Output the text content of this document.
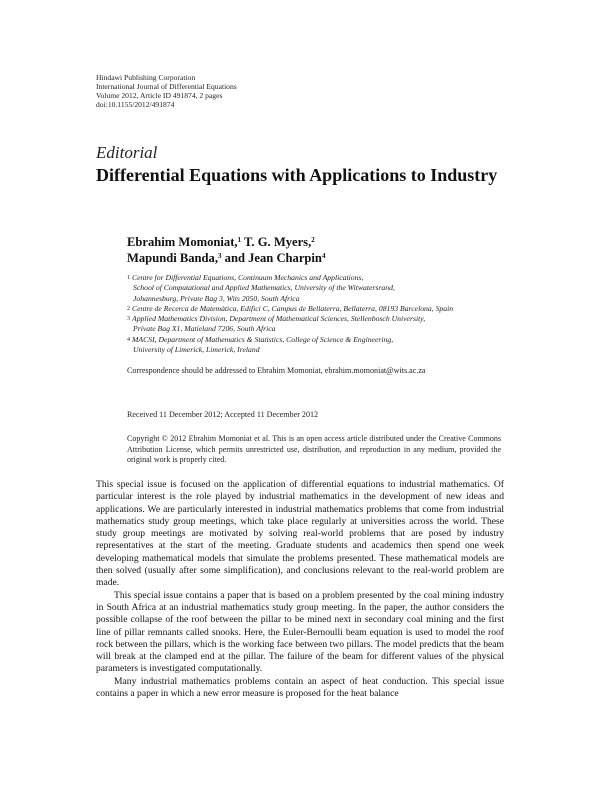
Hindawi Publishing Corporation
International Journal of Differential Equations
Volume 2012, Article ID 491874, 2 pages
doi:10.1155/2012/491874
Editorial
Differential Equations with Applications to Industry
Ebrahim Momoniat,$^1$ T. G. Myers,$^2$
Mapundi Banda,$^3$ and Jean Charpin$^4$
$^1$ Centre for Differential Equations, Continuum Mechanics and Applications,
School of Computational and Applied Mathematics, University of the Witwatersrand,
Johannesburg, Private Bag 3, Wits 2050, South Africa
$^2$ Centre de Recerca de Matemàtica, Edifici C, Campus de Bellaterra, Bellaterra, 08193 Barcelona, Spain
$^3$ Applied Mathematics Division, Department of Mathematical Sciences, Stellenbosch University,
Private Bag X1, Matieland 7206, South Africa
$^4$ MACSI, Department of Mathematics & Statistics, College of Science & Engineering,
University of Limerick, Limerick, Ireland
Correspondence should be addressed to Ebrahim Momoniat, ebrahim.momoniat@wits.ac.za
Received 11 December 2012; Accepted 11 December 2012
Copyright © 2012 Ebrahim Momoniat et al. This is an open access article distributed under the Creative Commons Attribution License, which permits unrestricted use, distribution, and reproduction in any medium, provided the original work is properly cited.

This special issue is focused on the application of differential equations to industrial mathematics. Of particular interest is the role played by industrial mathematics in the development of new ideas and applications. We are particularly interested in industrial mathematics problems that come from industrial mathematics study group meetings, which take place regularly at universities across the world. These study group meetings are motivated by solving real-world problems that are posed by industry representatives at the start of the meeting. Graduate students and academics then spend one week developing mathematical models that simulate the problems presented. These mathematical models are then solved (usually after some simplification), and conclusions relevant to the real-world problem are made.

This special issue contains a paper that is based on a problem presented by the coal mining industry in South Africa at an industrial mathematics study group meeting. In the paper, the author considers the possible collapse of the roof between the pillar to be mined next in secondary coal mining and the first line of pillar remnants called snooks. Here, the Euler-Bernoulli beam equation is used to model the roof rock between the pillars, which is the working face between two pillars. The model predicts that the beam will break at the clamped end at the pillar. The failure of the beam for different values of the physical parameters is investigated computationally.

Many industrial mathematics problems contain an aspect of heat conduction. This special issue contains a paper in which a new error measure is proposed for the heat balance
